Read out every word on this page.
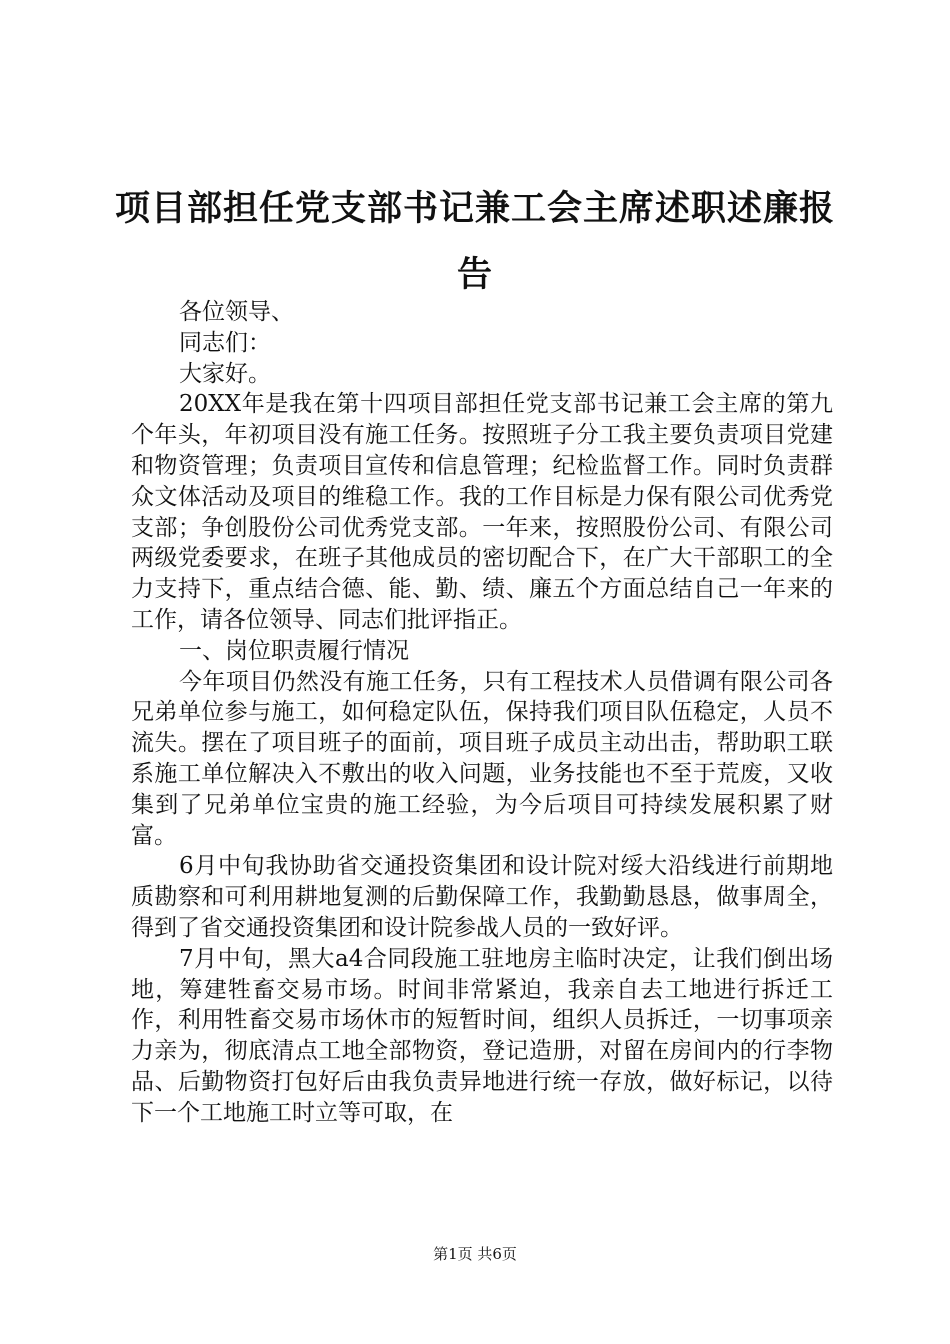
项目部担任党支部书记兼工会主席述职述廉报告

各位领导、

同志们：

大家好。

20XX年是我在第十四项目部担任党支部书记兼工会主席的第九个年头，年初项目没有施工任务。按照班子分工我主要负责项目党建和物资管理；负责项目宣传和信息管理；纪检监督工作。同时负责群众文体活动及项目的维稳工作。我的工作目标是力保有限公司优秀党支部；争创股份公司优秀党支部。一年来，按照股份公司、有限公司两级党委要求，在班子其他成员的密切配合下，在广大干部职工的全力支持下，重点结合德、能、勤、绩、廉五个方面总结自己一年来的工作，请各位领导、同志们批评指正。

一、岗位职责履行情况

今年项目仍然没有施工任务，只有工程技术人员借调有限公司各兄弟单位参与施工，如何稳定队伍，保持我们项目队伍稳定，人员不流失。摆在了项目班子的面前，项目班子成员主动出击，帮助职工联系施工单位解决入不敷出的收入问题，业务技能也不至于荒废，又收集到了兄弟单位宝贵的施工经验，为今后项目可持续发展积累了财富。

6月中旬我协助省交通投资集团和设计院对绥大沿线进行前期地质勘察和可利用耕地复测的后勤保障工作，我勤勤恳恳，做事周全，得到了省交通投资集团和设计院参战人员的一致好评。

7月中旬，黑大a4合同段施工驻地房主临时决定，让我们倒出场地，筹建牲畜交易市场。时间非常紧迫，我亲自去工地进行拆迁工作，利用牲畜交易市场休市的短暂时间，组织人员拆迁，一切事项亲力亲为，彻底清点工地全部物资，登记造册，对留在房间内的行李物品、后勤物资打包好后由我负责异地进行统一存放，做好标记，以待下一个工地施工时立等可取，在

第1页 共6页
